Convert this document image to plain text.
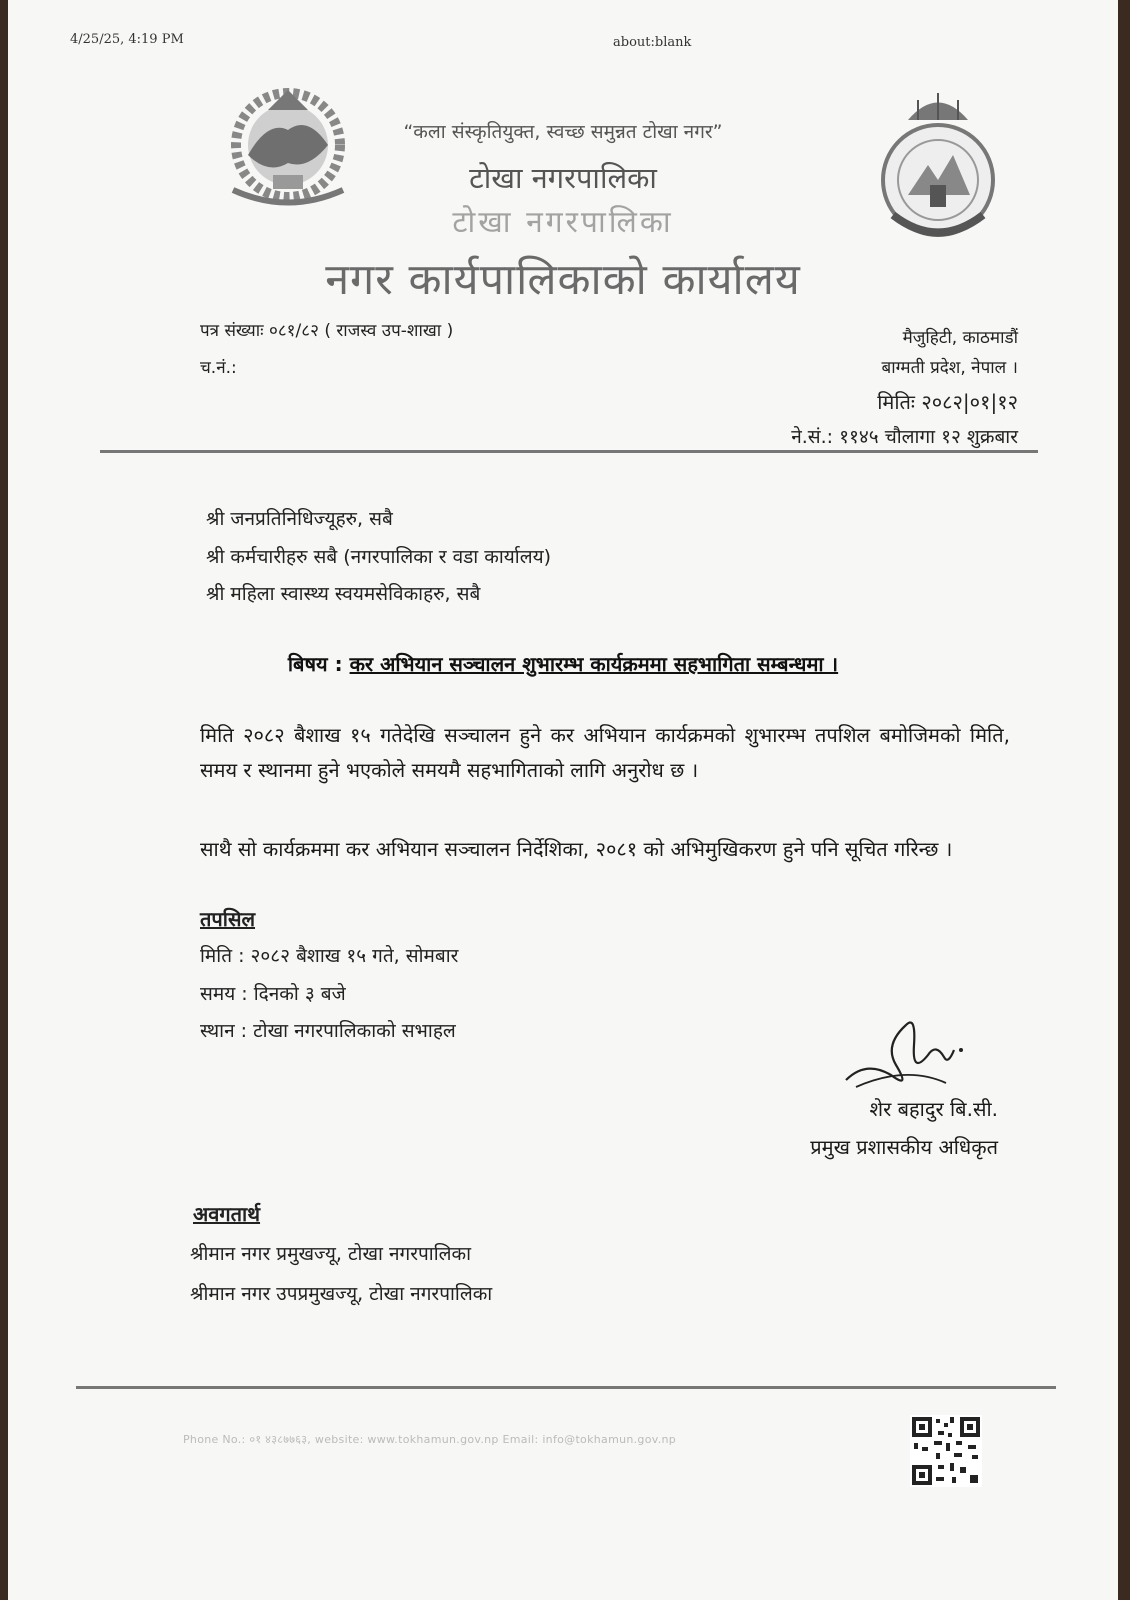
4/25/25, 4:19 PM	about:blank
“कला संस्कृतियुक्त, स्वच्छ समुन्नत टोखा नगर”
टोखा नगरपालिका
टोखा नगरपालिका
नगर कार्यपालिकाको कार्यालय
पत्र संख्याः ०८१/८२ ( राजस्व उप-शाखा )
च.नं.:
मैजुहिटी, काठमाडौं
बाग्मती प्रदेश, नेपाल ।
मितिः २०८२|०१|१२
ने.सं.: ११४५ चौलागा १२ शुक्रबार
श्री जनप्रतिनिधिज्यूहरु, सबै
श्री कर्मचारीहरु सबै (नगरपालिका र वडा कार्यालय)
श्री महिला स्वास्थ्य स्वयमसेविकाहरु, सबै
बिषय : कर अभियान सञ्चालन शुभारम्भ कार्यक्रममा सहभागिता सम्बन्धमा ।
मिति २०८२ बैशाख १५ गतेदेखि सञ्चालन हुने कर अभियान कार्यक्रमको शुभारम्भ तपशिल बमोजिमको मिति, समय र स्थानमा हुने भएकोले समयमै सहभागिताको लागि अनुरोध छ ।
साथै सो कार्यक्रममा कर अभियान सञ्चालन निर्देशिका, २०८१ को अभिमुखिकरण हुने पनि सूचित गरिन्छ ।
तपसिल
मिति : २०८२ बैशाख १५ गते, सोमबार
समय : दिनको ३ बजे
स्थान : टोखा नगरपालिकाको सभाहल
शेर बहादुर बि.सी.
प्रमुख प्रशासकीय अधिकृत
अवगतार्थ
श्रीमान नगर प्रमुखज्यू, टोखा नगरपालिका
श्रीमान नगर उपप्रमुखज्यू, टोखा नगरपालिका
Phone No.: ०१ ४३८७७६३, website: www.tokhamun.gov.np Email: info@tokhamun.gov.np
